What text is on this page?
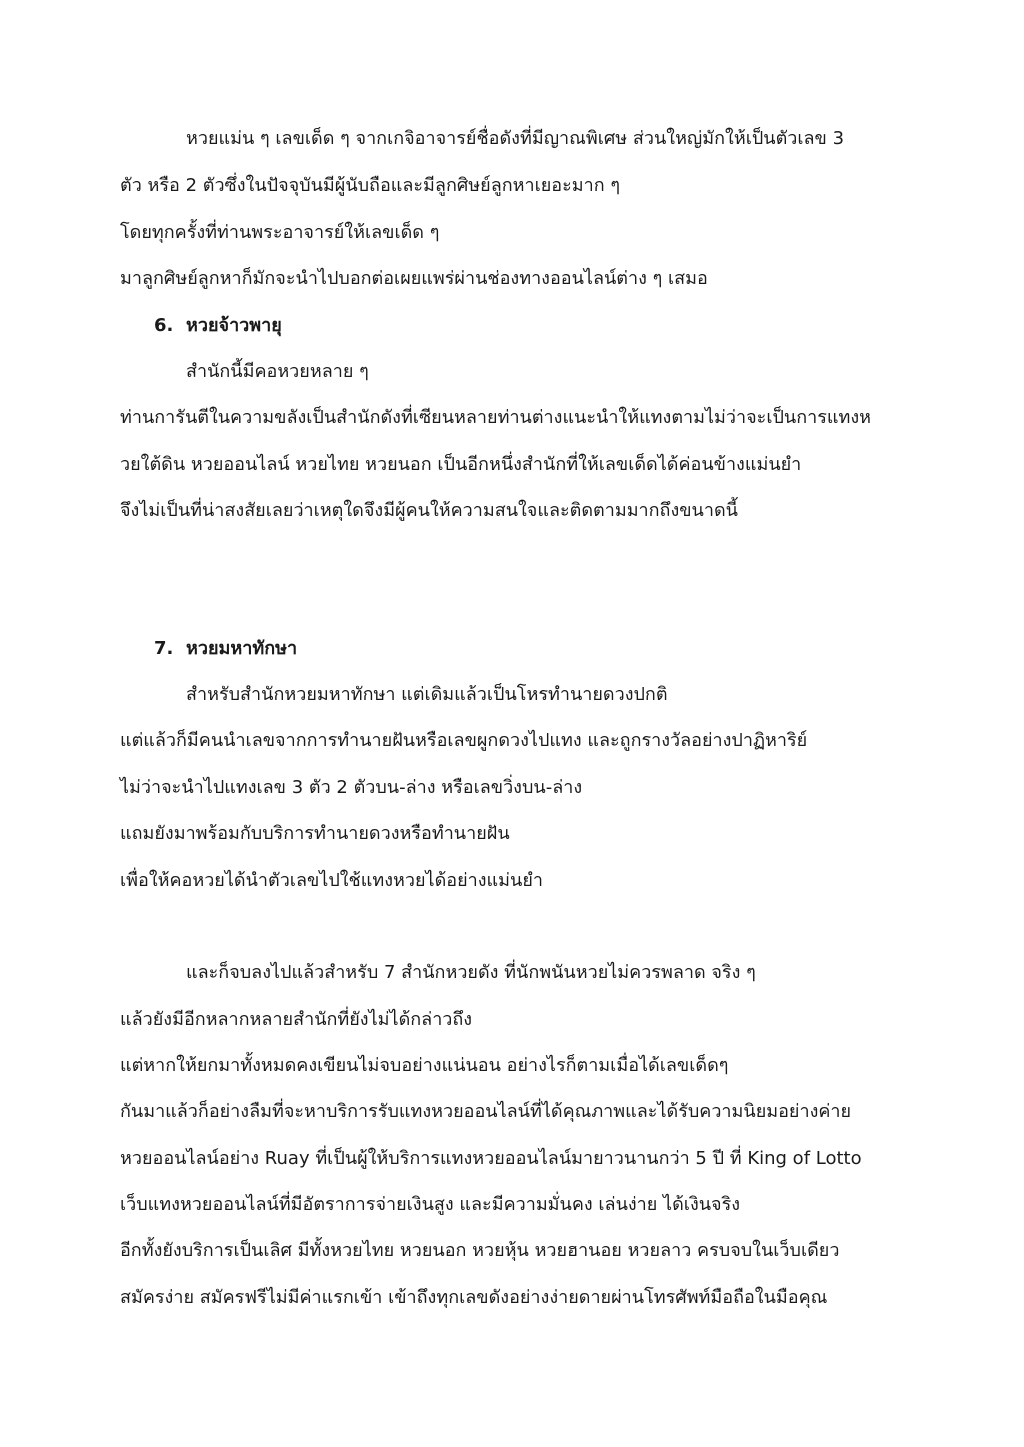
หวยแม่น ๆ เลขเด็ด ๆ จากเกจิอาจารย์ชื่อดังที่มีญาณพิเศษ ส่วนใหญ่มักให้เป็นตัวเลข 3
ตัว หรือ 2 ตัวซึ่งในปัจจุบันมีผู้นับถือและมีลูกศิษย์ลูกหาเยอะมาก ๆ
โดยทุกครั้งที่ท่านพระอาจารย์ให้เลขเด็ด ๆ
มาลูกศิษย์ลูกหาก็มักจะนำไปบอกต่อเผยแพร่ผ่านช่องทางออนไลน์ต่าง ๆ เสมอ
6. หวยจ้าวพายุ
สำนักนี้มีคอหวยหลาย ๆ
ท่านการันตีในความขลังเป็นสำนักดังที่เซียนหลายท่านต่างแนะนำให้แทงตามไม่ว่าจะเป็นการแทงห
วยใต้ดิน หวยออนไลน์ หวยไทย หวยนอก เป็นอีกหนึ่งสำนักที่ให้เลขเด็ดได้ค่อนข้างแม่นยำ
จึงไม่เป็นที่น่าสงสัยเลยว่าเหตุใดจึงมีผู้คนให้ความสนใจและติดตามมากถึงขนาดนี้
7. หวยมหาทักษา
สำหรับสำนักหวยมหาทักษา แต่เดิมแล้วเป็นโหรทำนายดวงปกติ
แต่แล้วก็มีคนนำเลขจากการทำนายฝันหรือเลขผูกดวงไปแทง และถูกรางวัลอย่างปาฏิหาริย์
ไม่ว่าจะนำไปแทงเลข 3 ตัว 2 ตัวบน-ล่าง หรือเลขวิ่งบน-ล่าง
แถมยังมาพร้อมกับบริการทำนายดวงหรือทำนายฝัน
เพื่อให้คอหวยได้นำตัวเลขไปใช้แทงหวยได้อย่างแม่นยำ
และก็จบลงไปแล้วสำหรับ 7 สำนักหวยดัง ที่นักพนันหวยไม่ควรพลาด จริง ๆ
แล้วยังมีอีกหลากหลายสำนักที่ยังไม่ได้กล่าวถึง
แต่หากให้ยกมาทั้งหมดคงเขียนไม่จบอย่างแน่นอน อย่างไรก็ตามเมื่อได้เลขเด็ดๆ
กันมาแล้วก็อย่างลืมที่จะหาบริการรับแทงหวยออนไลน์ที่ได้คุณภาพและได้รับความนิยมอย่างค่าย
หวยออนไลน์อย่าง Ruay ที่เป็นผู้ให้บริการแทงหวยออนไลน์มายาวนานกว่า 5 ปี ที่ King of Lotto
เว็บแทงหวยออนไลน์ที่มีอัตราการจ่ายเงินสูง และมีความมั่นคง เล่นง่าย ได้เงินจริง
อีกทั้งยังบริการเป็นเลิศ มีทั้งหวยไทย หวยนอก หวยหุ้น หวยฮานอย หวยลาว ครบจบในเว็บเดียว
สมัครง่าย สมัครฟรีไม่มีค่าแรกเข้า เข้าถึงทุกเลขดังอย่างง่ายดายผ่านโทรศัพท์มือถือในมือคุณ
